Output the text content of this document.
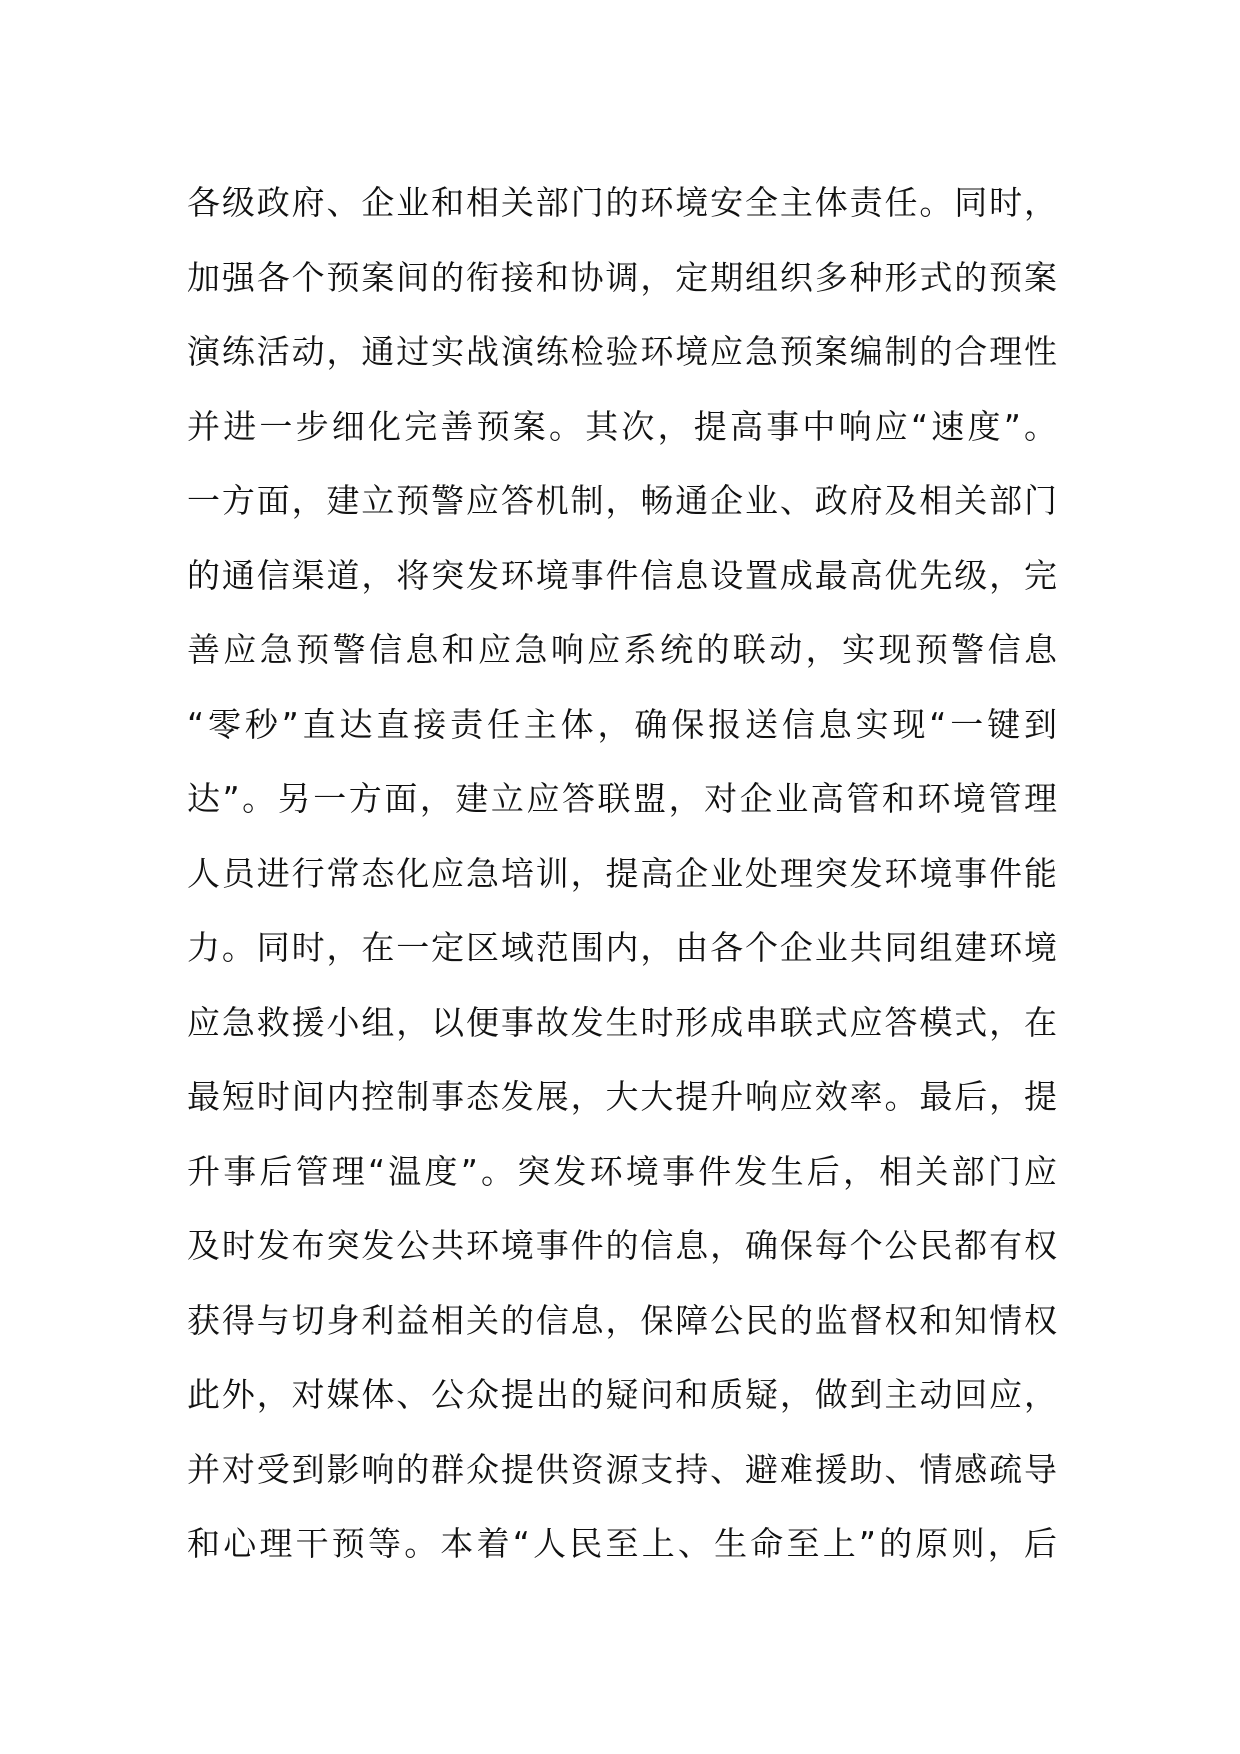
各级政府、企业和相关部门的环境安全主体责任。同时，
加强各个预案间的衔接和协调，定期组织多种形式的预案
演练活动，通过实战演练检验环境应急预案编制的合理性
并进一步细化完善预案。其次，提高事中响应“速度”。
一方面，建立预警应答机制，畅通企业、政府及相关部门
的通信渠道，将突发环境事件信息设置成最高优先级，完
善应急预警信息和应急响应系统的联动，实现预警信息
“零秒”直达直接责任主体，确保报送信息实现“一键到
达”。另一方面，建立应答联盟，对企业高管和环境管理
人员进行常态化应急培训，提高企业处理突发环境事件能
力。同时，在一定区域范围内，由各个企业共同组建环境
应急救援小组，以便事故发生时形成串联式应答模式，在
最短时间内控制事态发展，大大提升响应效率。最后，提
升事后管理“温度”。突发环境事件发生后，相关部门应
及时发布突发公共环境事件的信息，确保每个公民都有权
获得与切身利益相关的信息，保障公民的监督权和知情权
此外，对媒体、公众提出的疑问和质疑，做到主动回应，
并对受到影响的群众提供资源支持、避难援助、情感疏导
和心理干预等。本着“人民至上、生命至上”的原则，后
